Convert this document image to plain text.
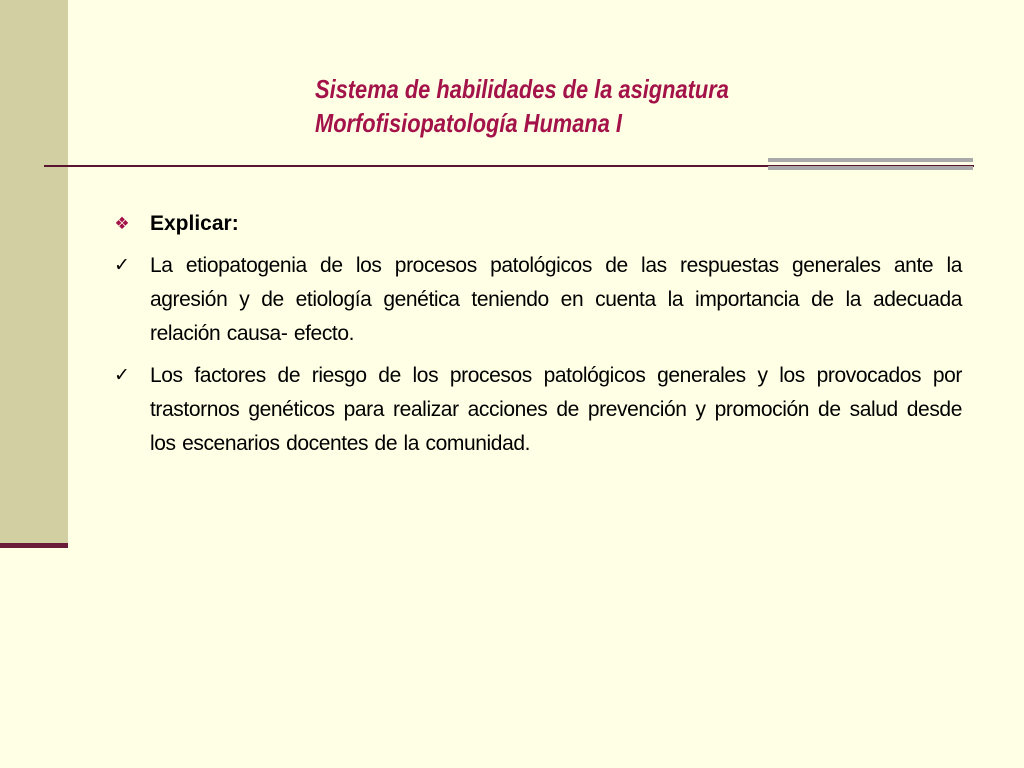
Sistema de habilidades de la asignatura
Morfofisiopatología Humana I
❖ Explicar:
✓ La etiopatogenia de los procesos patológicos de las respuestas generales ante la agresión y de etiología genética teniendo en cuenta la importancia de la adecuada relación causa- efecto.
✓ Los factores de riesgo de los procesos patológicos generales y los provocados por trastornos genéticos para realizar acciones de prevención y promoción de salud desde los escenarios docentes de la comunidad.
